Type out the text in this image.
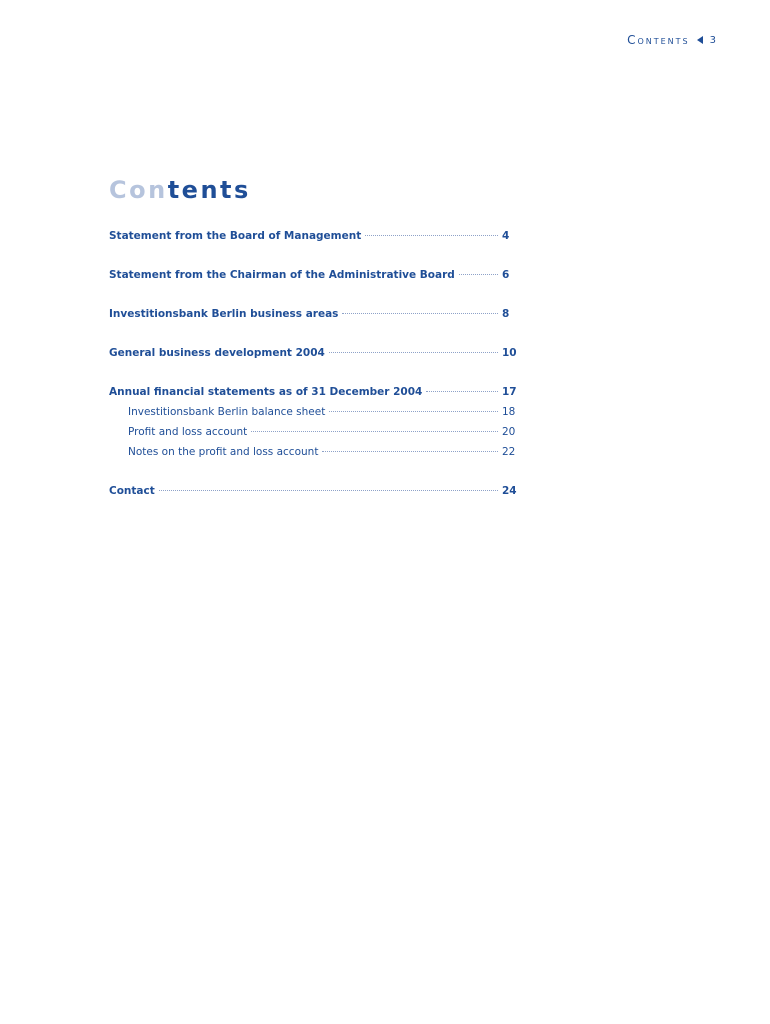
Contents 3
Contents
Statement from the Board of Management	4
Statement from the Chairman of the Administrative Board	6
Investitionsbank Berlin business areas	8
General business development 2004	10
Annual financial statements as of 31 December 2004	17
Investitionsbank Berlin balance sheet	18
Profit and loss account	20
Notes on the profit and loss account	22
Contact	24
